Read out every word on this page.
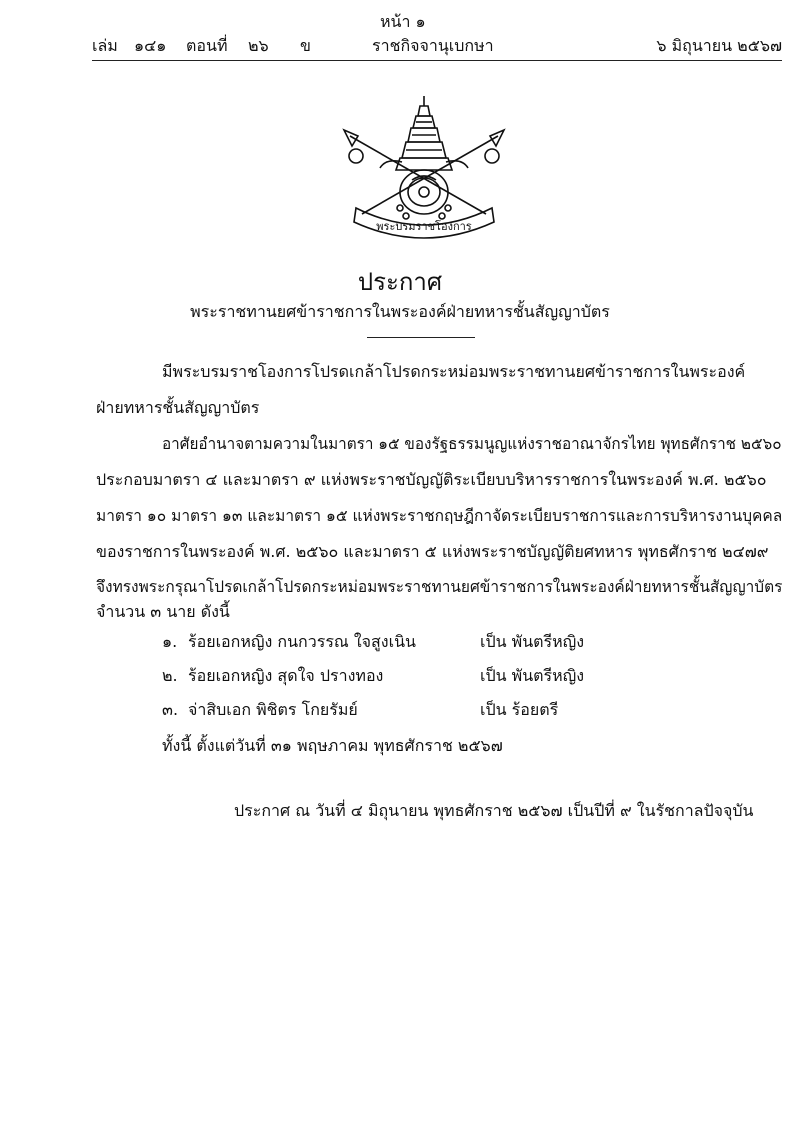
หน้า ๑
เล่ม ๑๔๑ ตอนที่ ๒๖ ข	ราชกิจจานุเบกษา	๖ มิถุนายน ๒๕๖๗
พระบรมราชโองการ
ประกาศ
พระราชทานยศข้าราชการในพระองค์ฝ่ายทหารชั้นสัญญาบัตร
มีพระบรมราชโองการโปรดเกล้าโปรดกระหม่อมพระราชทานยศข้าราชการในพระองค์
ฝ่ายทหารชั้นสัญญาบัตร
อาศัยอำนาจตามความในมาตรา ๑๕ ของรัฐธรรมนูญแห่งราชอาณาจักรไทย พุทธศักราช ๒๕๖๐
ประกอบมาตรา ๔ และมาตรา ๙ แห่งพระราชบัญญัติระเบียบบริหารราชการในพระองค์ พ.ศ. ๒๕๖๐
มาตรา ๑๐ มาตรา ๑๓ และมาตรา ๑๕ แห่งพระราชกฤษฎีกาจัดระเบียบราชการและการบริหารงานบุคคล
ของราชการในพระองค์ พ.ศ. ๒๕๖๐ และมาตรา ๕ แห่งพระราชบัญญัติยศทหาร พุทธศักราช ๒๔๗๙
จึงทรงพระกรุณาโปรดเกล้าโปรดกระหม่อมพระราชทานยศข้าราชการในพระองค์ฝ่ายทหารชั้นสัญญาบัตร
จำนวน ๓ นาย ดังนี้
๑. ร้อยเอกหญิง กนกวรรณ ใจสูงเนิน	เป็น พันตรีหญิง
๒. ร้อยเอกหญิง สุดใจ ปรางทอง	เป็น พันตรีหญิง
๓. จ่าสิบเอก พิชิตร โกยรัมย์	เป็น ร้อยตรี
ทั้งนี้ ตั้งแต่วันที่ ๓๑ พฤษภาคม พุทธศักราช ๒๕๖๗
ประกาศ ณ วันที่ ๔ มิถุนายน พุทธศักราช ๒๕๖๗ เป็นปีที่ ๙ ในรัชกาลปัจจุบัน
